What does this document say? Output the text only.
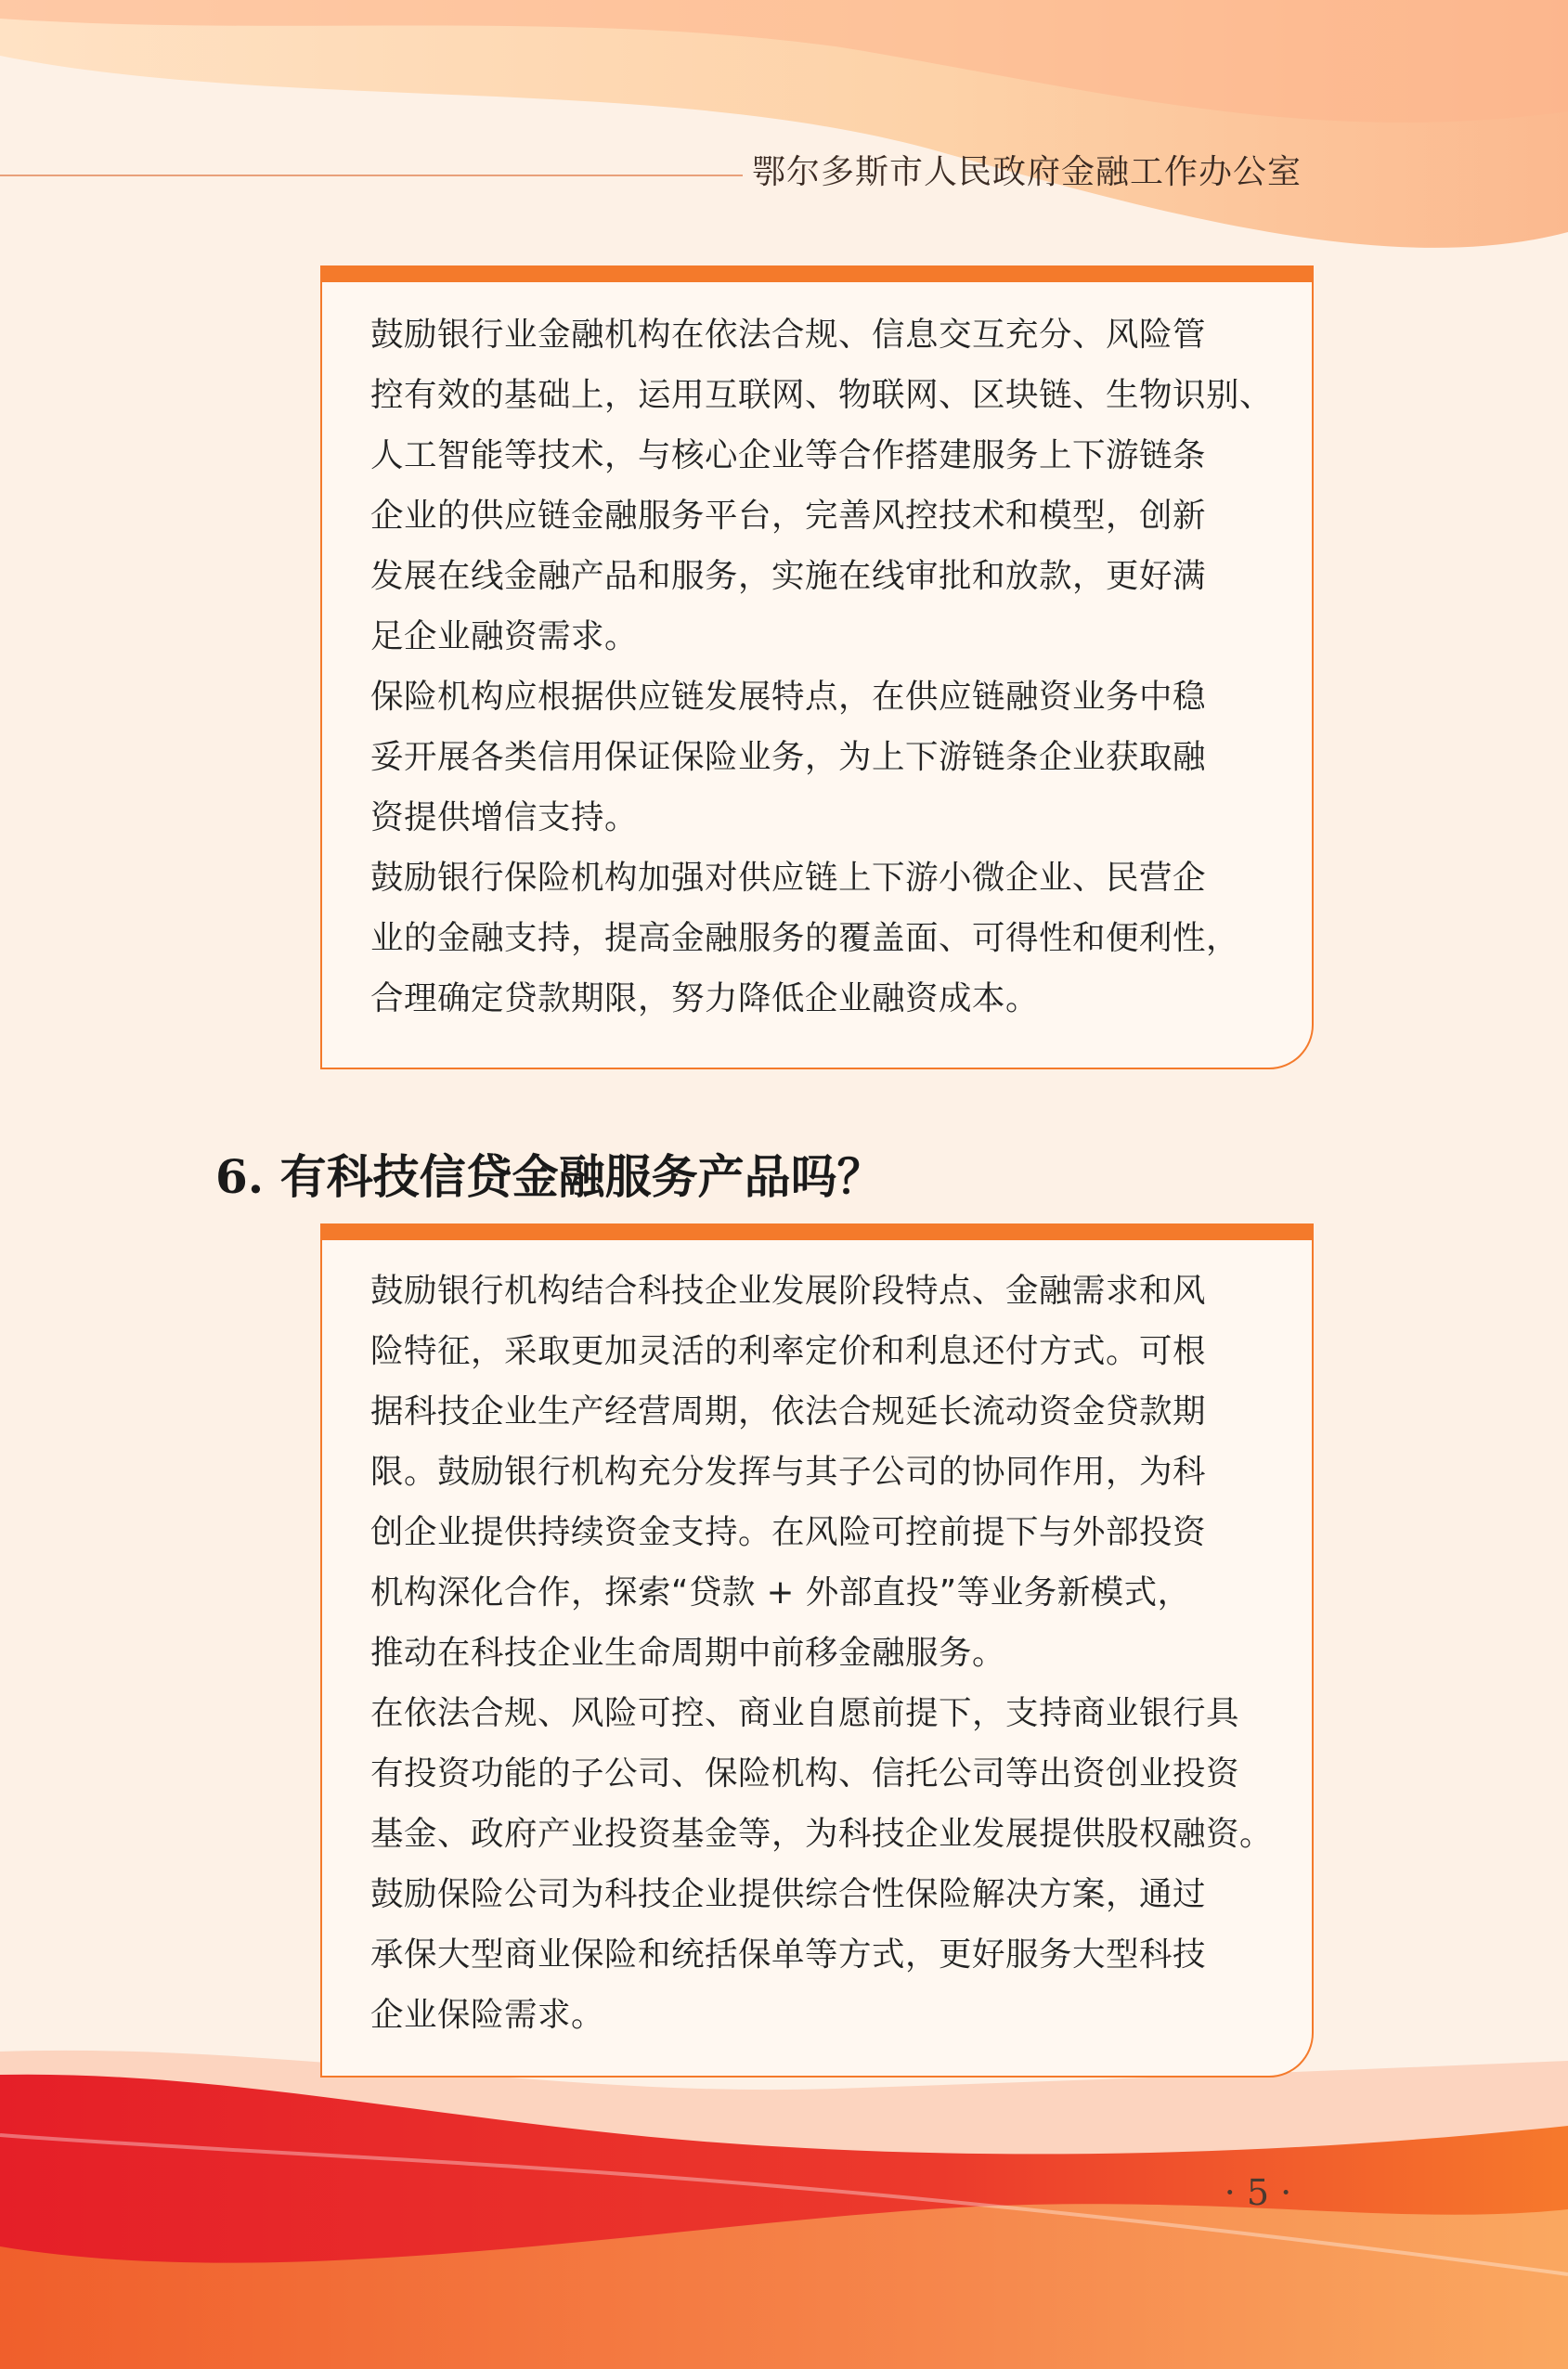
鄂尔多斯市人民政府金融工作办公室

鼓励银行业金融机构在依法合规、信息交互充分、风险管
控有效的基础上，运用互联网、物联网、区块链、生物识别、
人工智能等技术，与核心企业等合作搭建服务上下游链条
企业的供应链金融服务平台，完善风控技术和模型，创新
发展在线金融产品和服务，实施在线审批和放款，更好满
足企业融资需求。

保险机构应根据供应链发展特点，在供应链融资业务中稳
妥开展各类信用保证保险业务，为上下游链条企业获取融
资提供增信支持。

鼓励银行保险机构加强对供应链上下游小微企业、民营企
业的金融支持，提高金融服务的覆盖面、可得性和便利性，
合理确定贷款期限，努力降低企业融资成本。

6. 有科技信贷金融服务产品吗？

鼓励银行机构结合科技企业发展阶段特点、金融需求和风
险特征，采取更加灵活的利率定价和利息还付方式。可根
据科技企业生产经营周期，依法合规延长流动资金贷款期
限。鼓励银行机构充分发挥与其子公司的协同作用，为科
创企业提供持续资金支持。在风险可控前提下与外部投资
机构深化合作，探索“贷款 + 外部直投”等业务新模式，
推动在科技企业生命周期中前移金融服务。

在依法合规、风险可控、商业自愿前提下，支持商业银行具
有投资功能的子公司、保险机构、信托公司等出资创业投资
基金、政府产业投资基金等，为科技企业发展提供股权融资。

鼓励保险公司为科技企业提供综合性保险解决方案，通过
承保大型商业保险和统括保单等方式，更好服务大型科技
企业保险需求。

· 5 ·
